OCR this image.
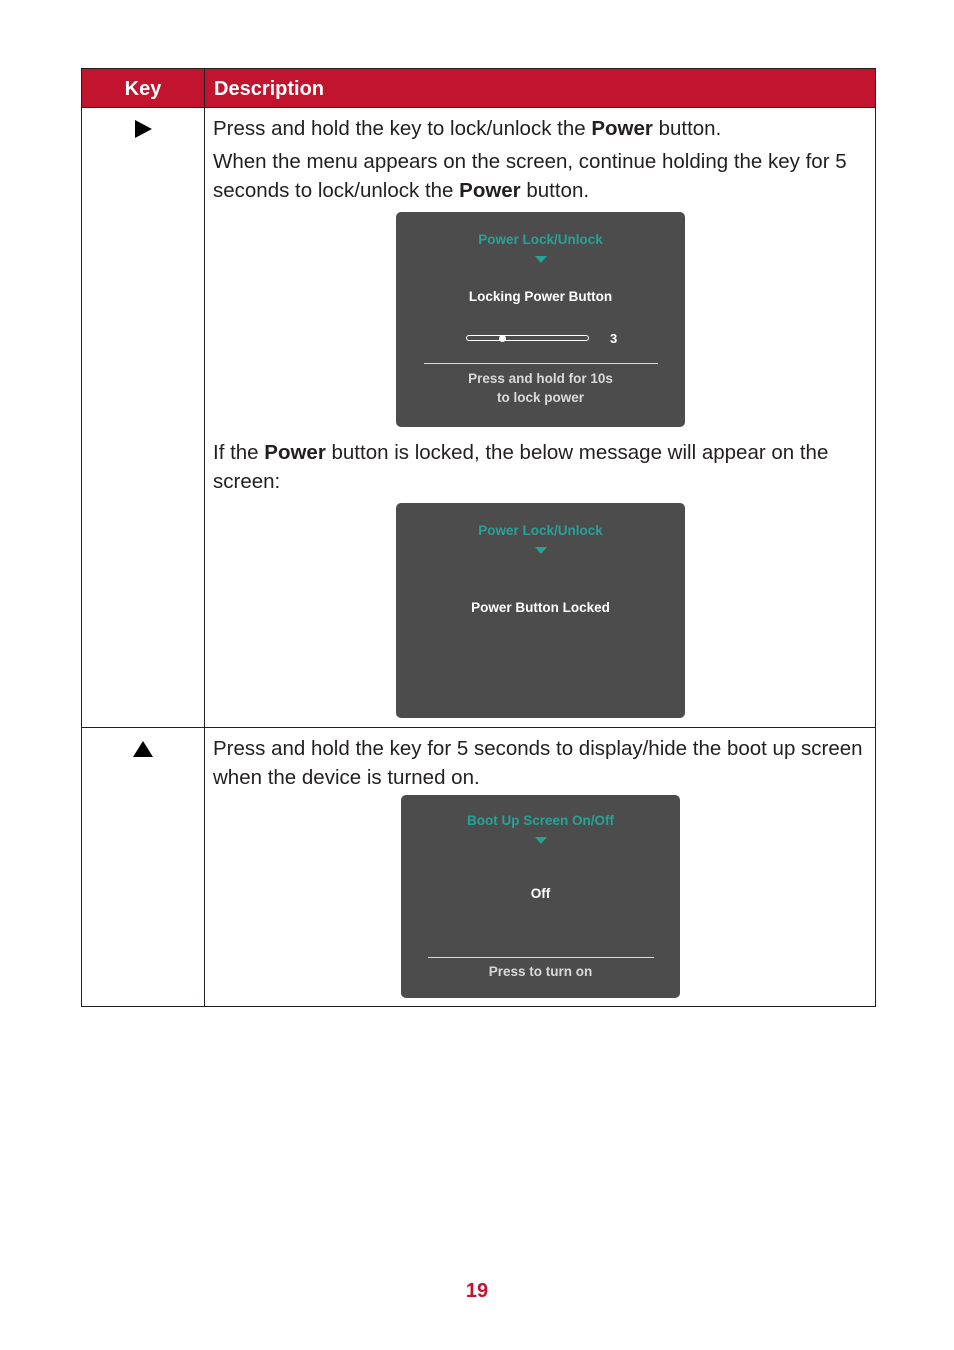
Key	Description

Press and hold the key to lock/unlock the Power button.

When the menu appears on the screen, continue holding the key for 5 seconds to lock/unlock the Power button.

Power Lock/Unlock
Locking Power Button
3
Press and hold for 10s
to lock power

If the Power button is locked, the below message will appear on the screen:

Power Lock/Unlock
Power Button Locked

Press and hold the key for 5 seconds to display/hide the boot up screen when the device is turned on.

Boot Up Screen On/Off
Off
Press to turn on
19
